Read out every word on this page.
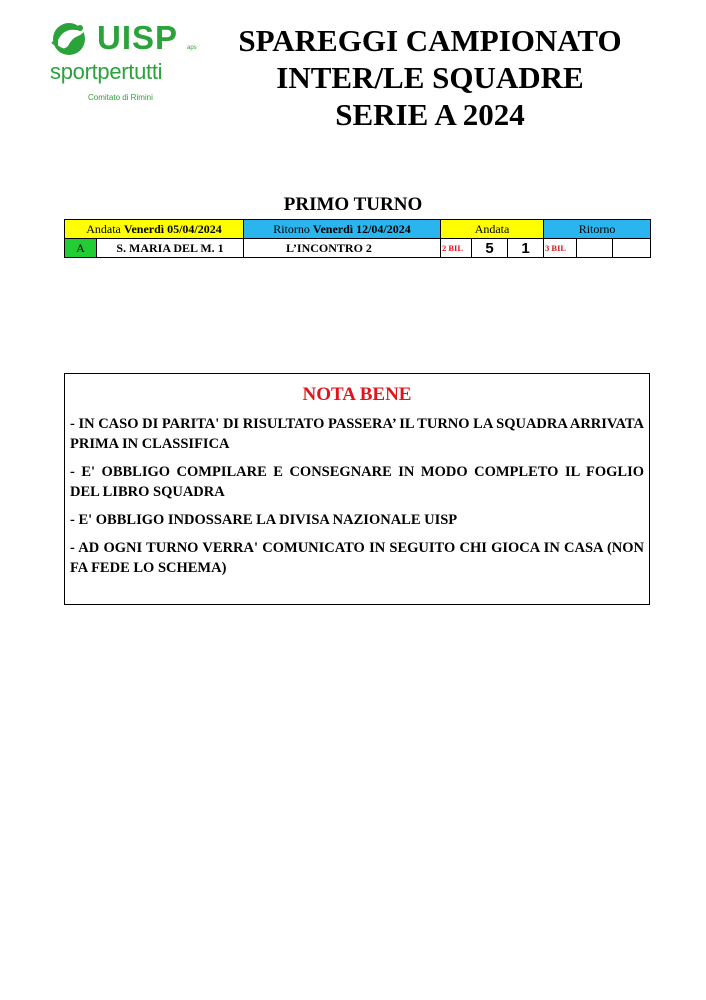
UISP aps
sportpertutti
Comitato di Rimini
SPAREGGI CAMPIONATO
INTER/LE SQUADRE
SERIE A 2024
PRIMO TURNO
Andata Venerdì 05/04/2024		Ritorno Venerdì 12/04/2024	Andata			Ritorno		
A	S. MARIA DEL M. 1	L’INCONTRO 2	2 BIL	5	1	3 BIL		
NOTA BENE
- IN CASO DI PARITA' DI RISULTATO PASSERA’ IL TURNO LA SQUADRA ARRIVATA PRIMA IN CLASSIFICA
- E' OBBLIGO COMPILARE E CONSEGNARE IN MODO COMPLETO IL FOGLIO DEL LIBRO SQUADRA
- E' OBBLIGO INDOSSARE LA DIVISA NAZIONALE UISP
- AD OGNI TURNO VERRA' COMUNICATO IN SEGUITO CHI GIOCA IN CASA (NON FA FEDE LO SCHEMA)
